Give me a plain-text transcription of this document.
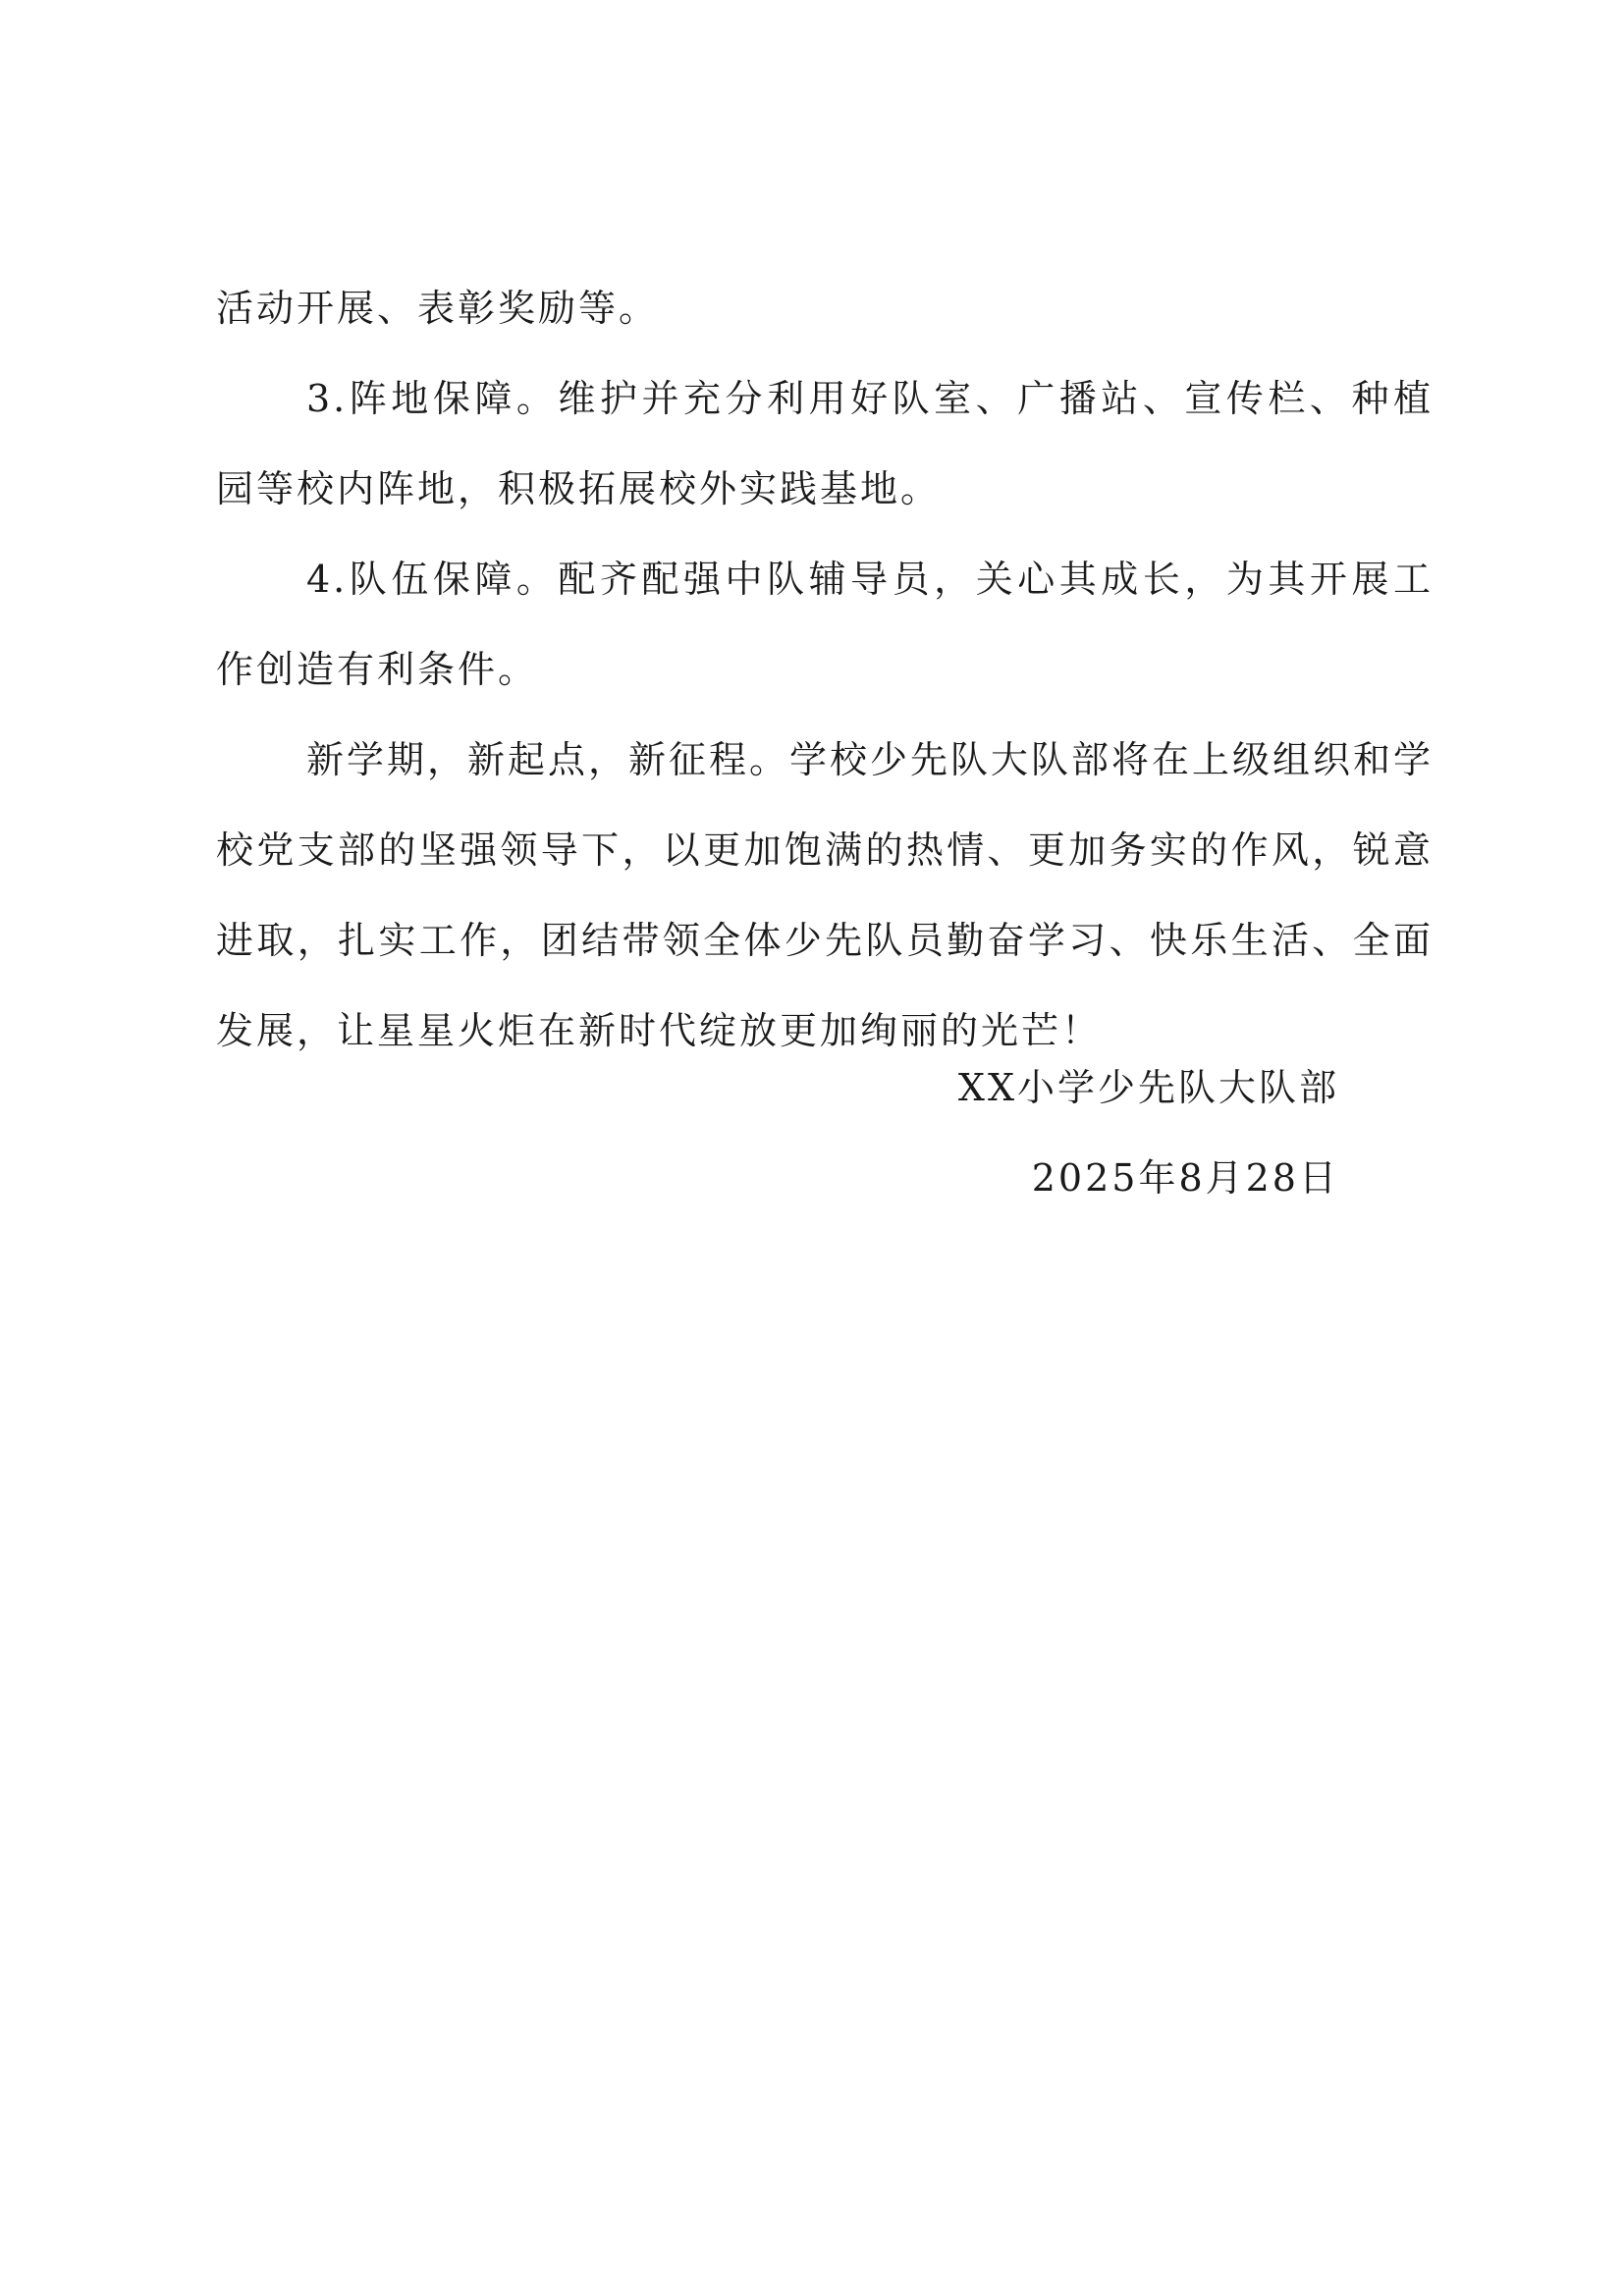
活动开展、表彰奖励等。

3.阵地保障。维护并充分利用好队室、广播站、宣传栏、种植园等校内阵地，积极拓展校外实践基地。

4.队伍保障。配齐配强中队辅导员，关心其成长，为其开展工作创造有利条件。

新学期，新起点，新征程。学校少先队大队部将在上级组织和学校党支部的坚强领导下，以更加饱满的热情、更加务实的作风，锐意进取，扎实工作，团结带领全体少先队员勤奋学习、快乐生活、全面发展，让星星火炬在新时代绽放更加绚丽的光芒！

XX小学少先队大队部
2025年8月28日
